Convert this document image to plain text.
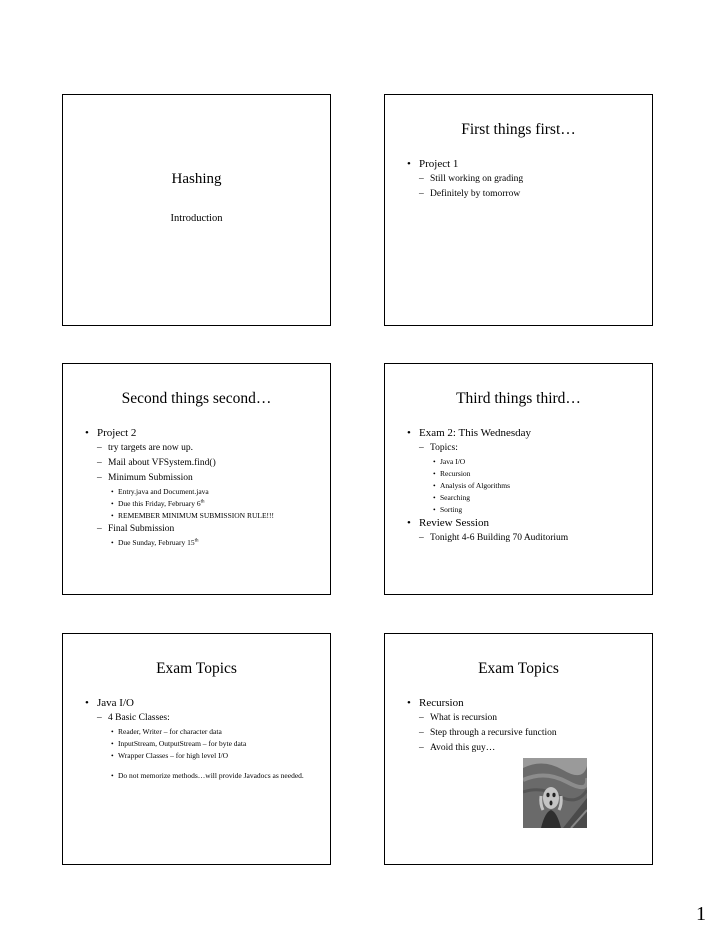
Hashing
Introduction
First things first…
• Project 1
– Still working on grading
– Definitely by tomorrow
Second things second…
• Project 2
– try targets are now up.
– Mail about VFSystem.find()
– Minimum Submission
• Entry.java and Document.java
• Due this Friday, February 6th
• REMEMBER MINIMUM SUBMISSION RULE!!!
– Final Submission
• Due Sunday, February 15th
Third things third…
• Exam 2: This Wednesday
– Topics:
• Java I/O
• Recursion
• Analysis of Algorithms
• Searching
• Sorting
• Review Session
– Tonight 4-6 Building 70 Auditorium
Exam Topics
• Java I/O
– 4 Basic Classes:
• Reader, Writer – for character data
• InputStream, OutputStream – for byte data
• Wrapper Classes – for high level I/O
• Do not memorize methods…will provide Javadocs as needed.
Exam Topics
• Recursion
– What is recursion
– Step through a recursive function
– Avoid this guy…
1
